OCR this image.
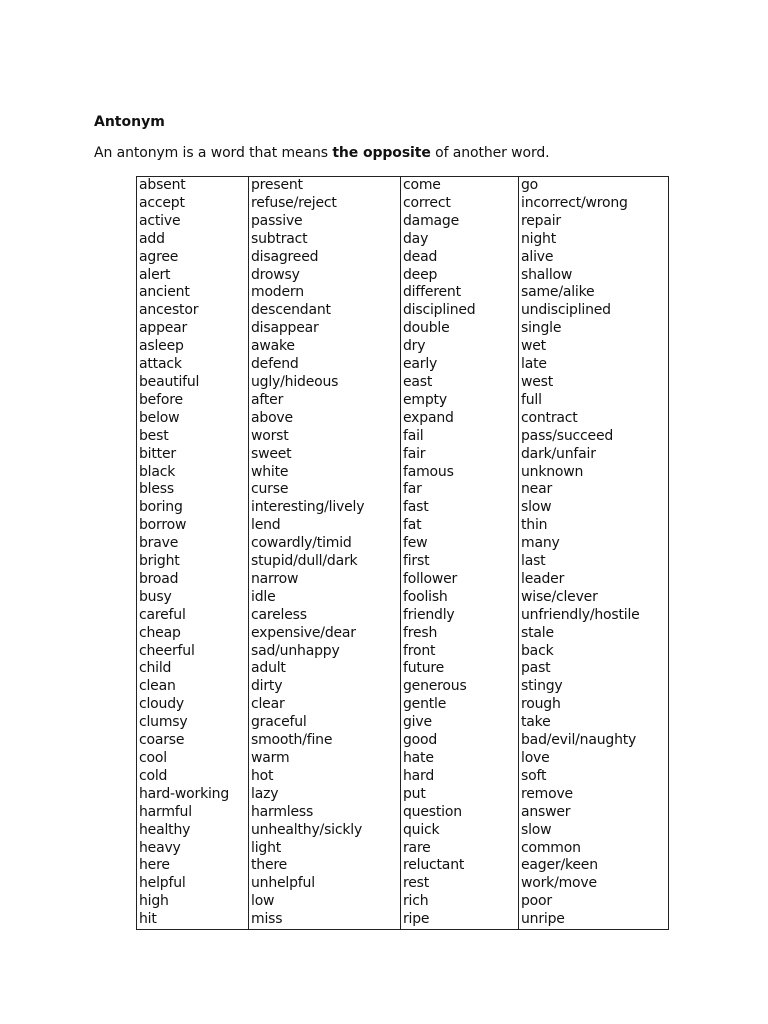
Antonym
An antonym is a word that means the opposite of another word.
absent	present	come	go
accept	refuse/reject	correct	incorrect/wrong
active	passive	damage	repair
add	subtract	day	night
agree	disagreed	dead	alive
alert	drowsy	deep	shallow
ancient	modern	different	same/alike
ancestor	descendant	disciplined	undisciplined
appear	disappear	double	single
asleep	awake	dry	wet
attack	defend	early	late
beautiful	ugly/hideous	east	west
before	after	empty	full
below	above	expand	contract
best	worst	fail	pass/succeed
bitter	sweet	fair	dark/unfair
black	white	famous	unknown
bless	curse	far	near
boring	interesting/lively	fast	slow
borrow	lend	fat	thin
brave	cowardly/timid	few	many
bright	stupid/dull/dark	first	last
broad	narrow	follower	leader
busy	idle	foolish	wise/clever
careful	careless	friendly	unfriendly/hostile
cheap	expensive/dear	fresh	stale
cheerful	sad/unhappy	front	back
child	adult	future	past
clean	dirty	generous	stingy
cloudy	clear	gentle	rough
clumsy	graceful	give	take
coarse	smooth/fine	good	bad/evil/naughty
cool	warm	hate	love
cold	hot	hard	soft
hard-working	lazy	put	remove
harmful	harmless	question	answer
healthy	unhealthy/sickly	quick	slow
heavy	light	rare	common
here	there	reluctant	eager/keen
helpful	unhelpful	rest	work/move
high	low	rich	poor
hit	miss	ripe	unripe
